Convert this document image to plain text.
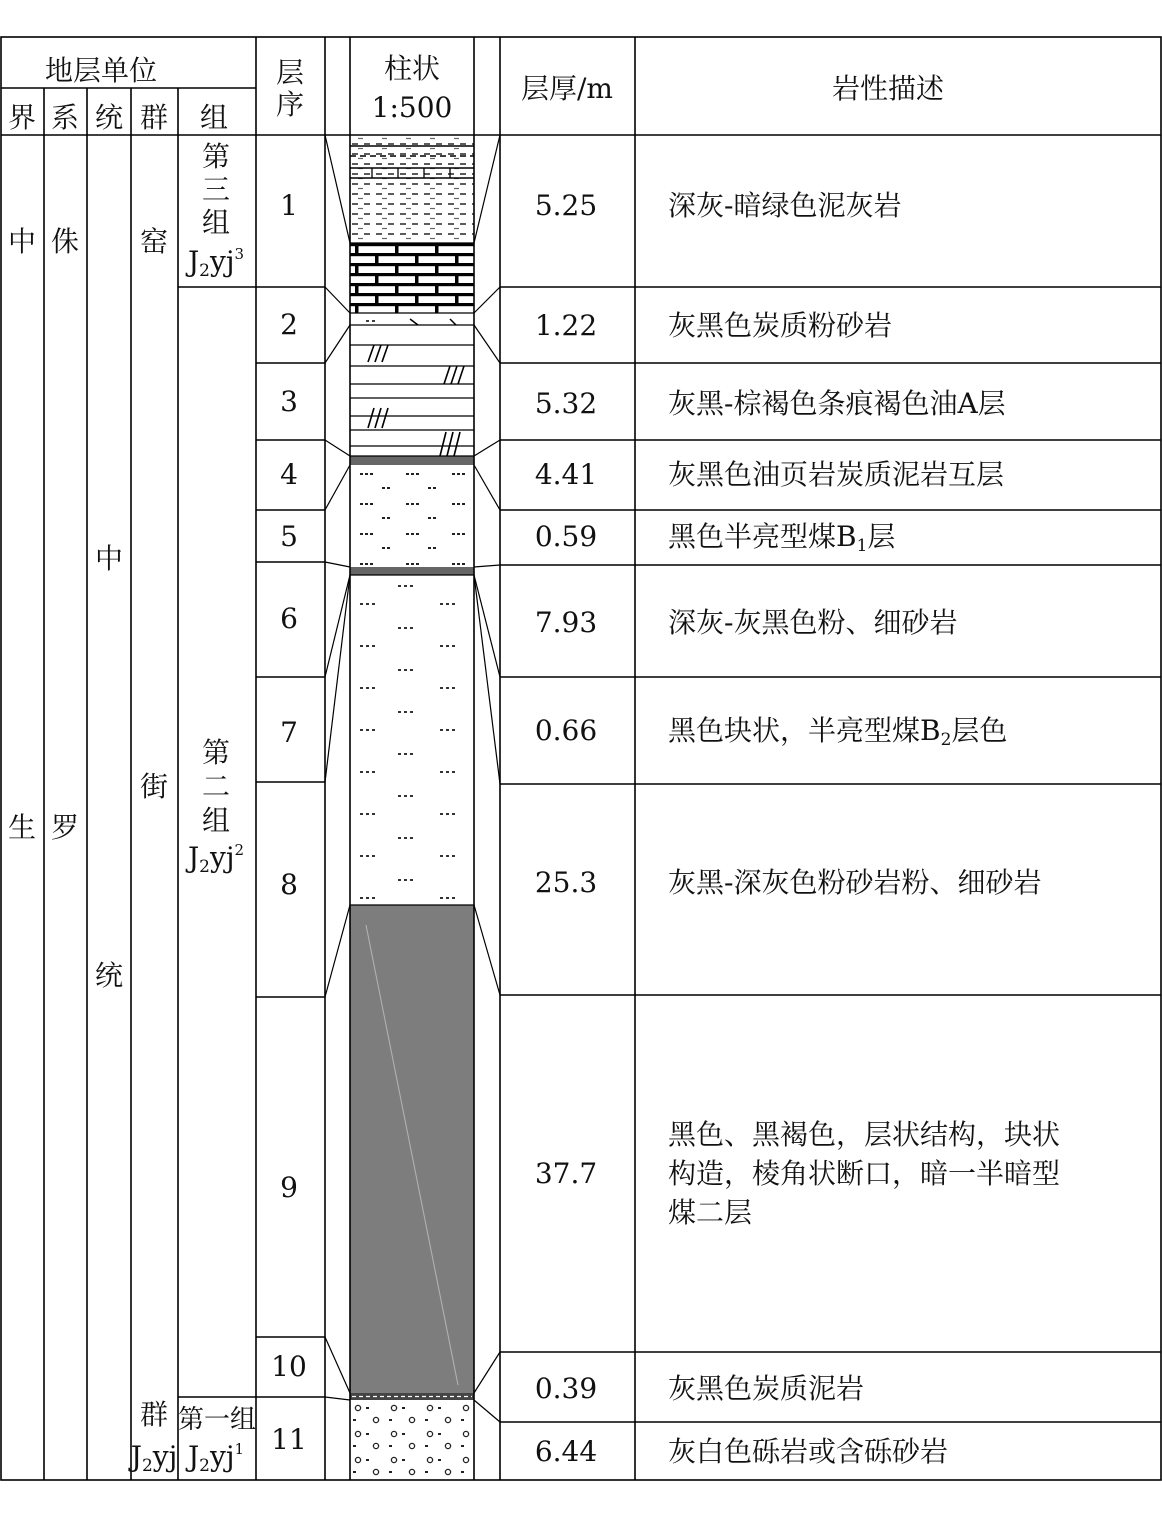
地层单位
界 系 统 群 组
层
序
柱状
1:500
层厚/m	岩性描述
中
生
侏
罗
中
统
窑
街
群
J2yj
第
三
组
$J2yj^3$
第
二
组
$J2yj^2$
第一组
$J2yj^1$
1
2
3
4
5
6
7
8
9
10
11
5.25
1.22
5.32
4.41
0.59
7.93
0.66
25.3
37.7
0.39
6.44
深灰-暗绿色泥灰岩
灰黑色炭质粉砂岩
灰黑-棕褐色条痕褐色油A层
灰黑色油页岩炭质泥岩互层
黑色半亮型煤B1层
深灰-灰黑色粉、细砂岩
黑色块状，半亮型煤B2层色
灰黑-深灰色粉砂岩粉、细砂岩
黑色、黑褐色，层状结构，块状
构造，棱角状断口，暗一半暗型
煤二层
灰黑色炭质泥岩
灰白色砾岩或含砾砂岩
